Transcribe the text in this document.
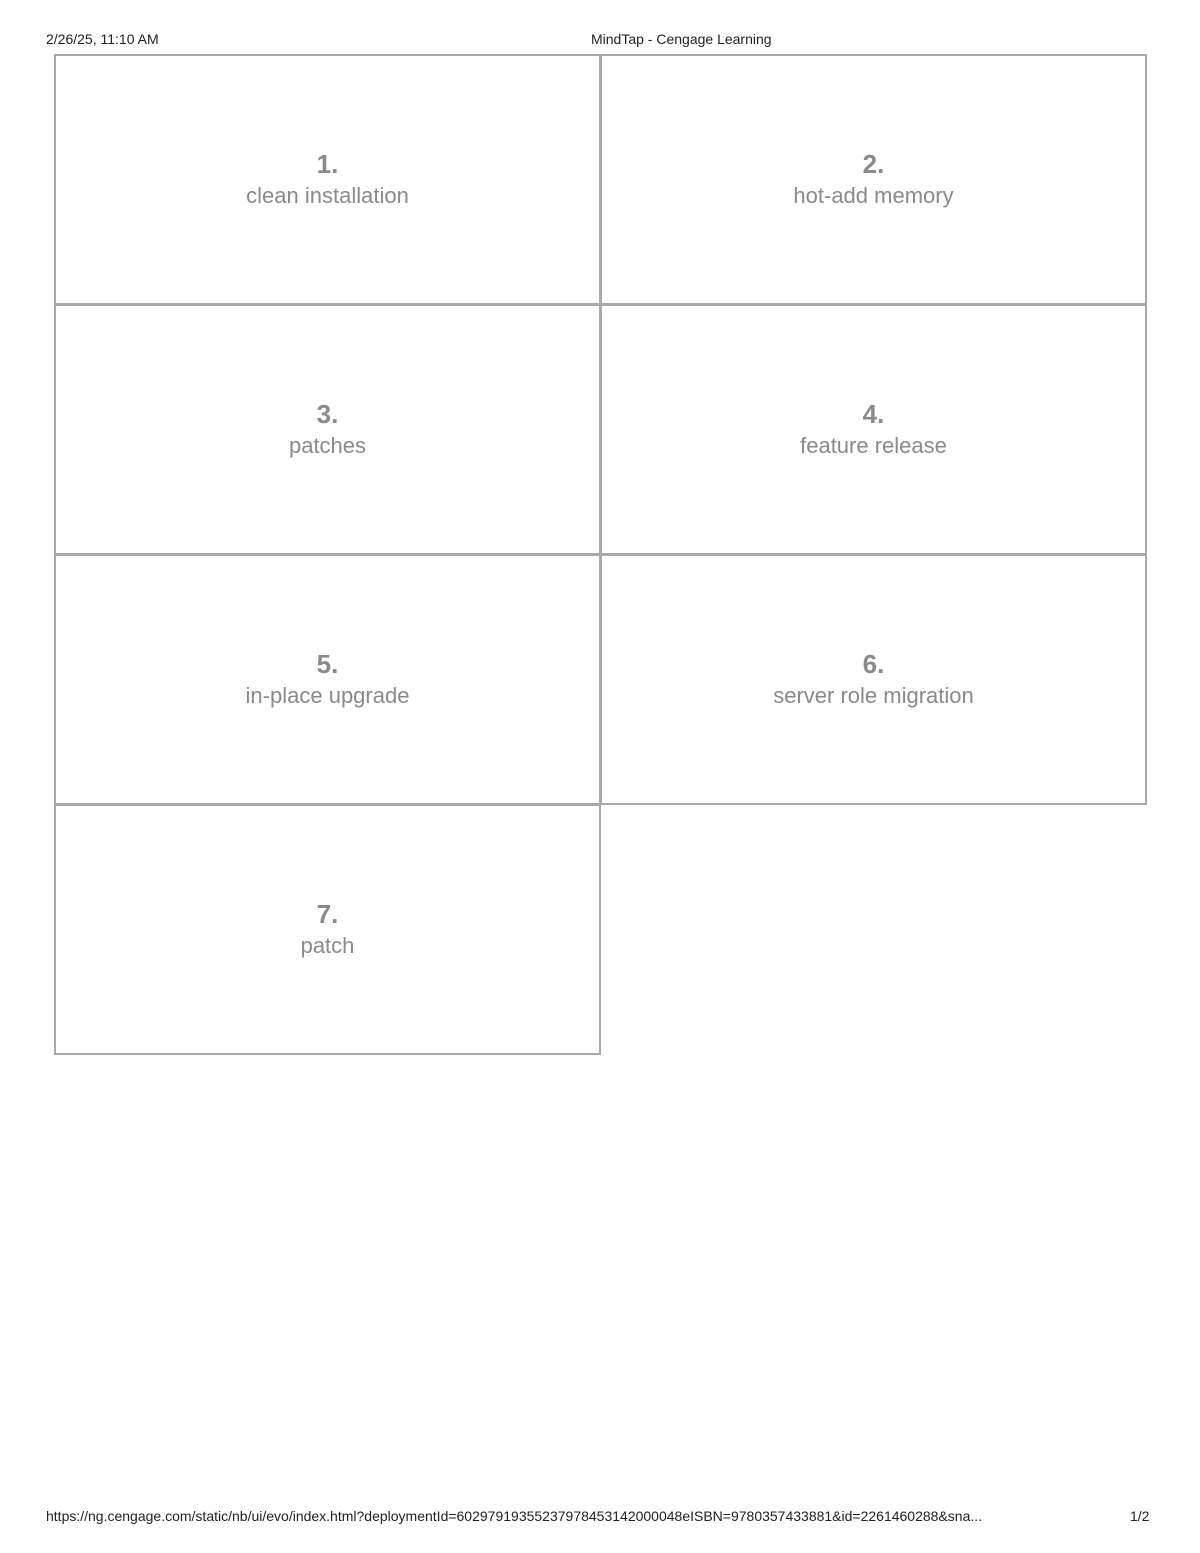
2/26/25, 11:10 AM	MindTap - Cengage Learning
1.
clean installation
2.
hot-add memory
3.
patches
4.
feature release
5.
in-place upgrade
6.
server role migration
7.
patch
https://ng.cengage.com/static/nb/ui/evo/index.html?deploymentId=60297919355237978453142000048eISBN=9780357433881&id=2261460288&sna...	1/2
